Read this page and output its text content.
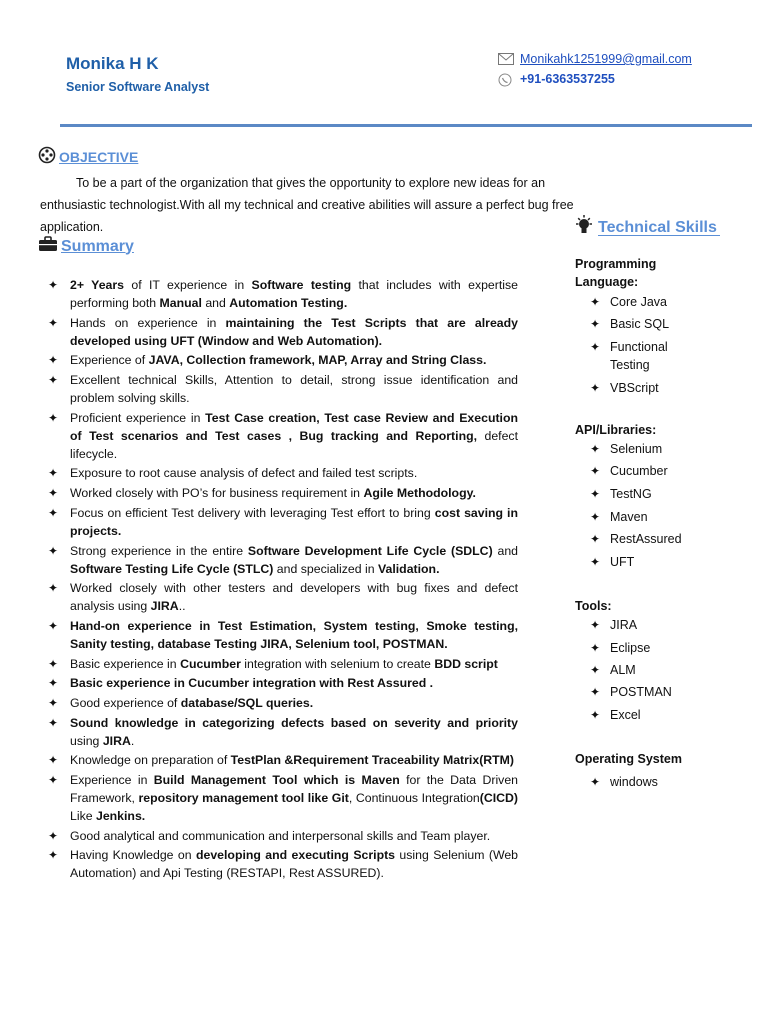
Monika H K
Senior Software Analyst
Monikahk1251999@gmail.com
+91-6363537255
OBJECTIVE
To be a part of the organization that gives the opportunity to explore new ideas for an enthusiastic technologist.With all my technical and creative abilities will assure a perfect bug free application.
Summary
✦ 2+ Years of IT experience in Software testing that includes with expertise performing both Manual and Automation Testing.
✦ Hands on experience in maintaining the Test Scripts that are already developed using UFT (Window and Web Automation).
✦ Experience of JAVA, Collection framework, MAP, Array and String Class.
✦ Excellent technical Skills, Attention to detail, strong issue identification and problem solving skills.
✦ Proficient experience in Test Case creation, Test case Review and Execution of Test scenarios and Test cases , Bug tracking and Reporting, defect lifecycle.
✦ Exposure to root cause analysis of defect and failed test scripts.
✦ Worked closely with PO’s for business requirement in Agile Methodology.
✦ Focus on efficient Test delivery with leveraging Test effort to bring cost saving in projects.
✦ Strong experience in the entire Software Development Life Cycle (SDLC) and Software Testing Life Cycle (STLC) and specialized in Validation.
✦ Worked closely with other testers and developers with bug fixes and defect analysis using JIRA..
✦ Hand-on experience in Test Estimation, System testing, Smoke testing, Sanity testing, database Testing JIRA, Selenium tool, POSTMAN.
✦ Basic experience in Cucumber integration with selenium to create BDD script
✦ Basic experience in Cucumber integration with Rest Assured .
✦ Good experience of database/SQL queries.
✦ Sound knowledge in categorizing defects based on severity and priority using JIRA.
✦ Knowledge on preparation of TestPlan &Requirement Traceability Matrix(RTM)
✦ Experience in Build Management Tool which is Maven for the Data Driven Framework, repository management tool like Git, Continuous Integration(CICD) Like Jenkins.
✦ Good analytical and communication and interpersonal skills and Team player.
✦ Having Knowledge on developing and executing Scripts using Selenium (Web Automation) and Api Testing (RESTAPI, Rest ASSURED).
Technical Skills
Programming Language:
✦ Core Java
✦ Basic SQL
✦ Functional Testing
✦ VBScript
API/Libraries:
✦ Selenium
✦ Cucumber
✦ TestNG
✦ Maven
✦ RestAssured
✦ UFT
Tools:
✦ JIRA
✦ Eclipse
✦ ALM
✦ POSTMAN
✦ Excel
Operating System
✦ windows
